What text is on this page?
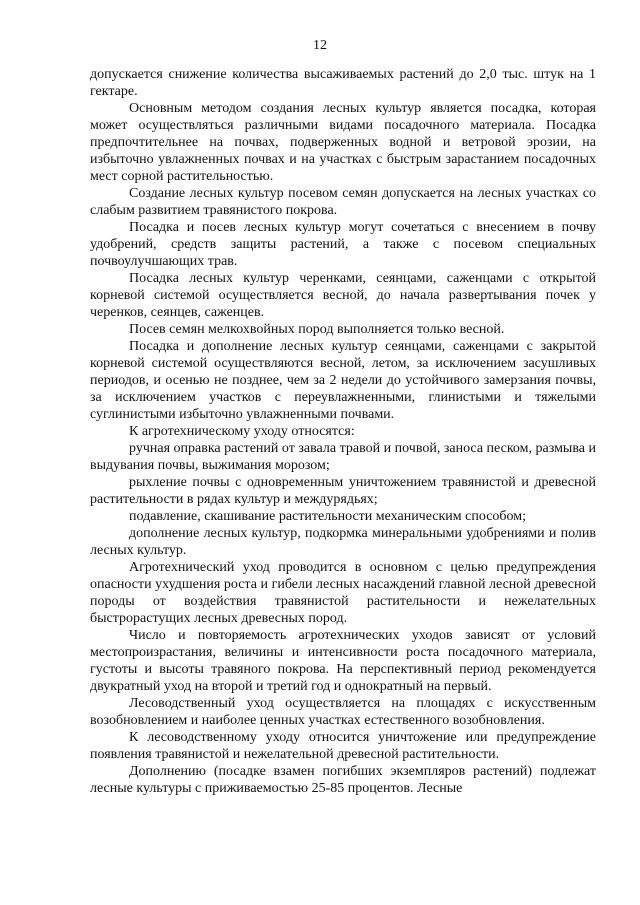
12

допускается снижение количества высаживаемых растений до 2,0 тыс. штук на 1 гектаре.

Основным методом создания лесных культур является посадка, которая может осуществляться различными видами посадочного материала. Посадка предпочтительнее на почвах, подверженных водной и ветровой эрозии, на избыточно увлажненных почвах и на участках с быстрым зарастанием посадочных мест сорной растительностью.

Создание лесных культур посевом семян допускается на лесных участках со слабым развитием травянистого покрова.

Посадка и посев лесных культур могут сочетаться с внесением в почву удобрений, средств защиты растений, а также с посевом специальных почвоулучшающих трав.

Посадка лесных культур черенками, сеянцами, саженцами с открытой корневой системой осуществляется весной, до начала развертывания почек у черенков, сеянцев, саженцев.

Посев семян мелкохвойных пород выполняется только весной.

Посадка и дополнение лесных культур сеянцами, саженцами с закрытой корневой системой осуществляются весной, летом, за исключением засушливых периодов, и осенью не позднее, чем за 2 недели до устойчивого замерзания почвы, за исключением участков с переувлажненными, глинистыми и тяжелыми суглинистыми избыточно увлажненными почвами.

К агротехническому уходу относятся:

ручная оправка растений от завала травой и почвой, заноса песком, размыва и выдувания почвы, выжимания морозом;

рыхление почвы с одновременным уничтожением травянистой и древесной растительности в рядах культур и междурядьях;

подавление, скашивание растительности механическим способом;

дополнение лесных культур, подкормка минеральными удобрениями и полив лесных культур.

Агротехнический уход проводится в основном с целью предупреждения опасности ухудшения роста и гибели лесных насаждений главной лесной древесной породы от воздействия травянистой растительности и нежелательных быстрорастущих лесных древесных пород.

Число и повторяемость агротехнических уходов зависят от условий местопроизрастания, величины и интенсивности роста посадочного материала, густоты и высоты травяного покрова. На перспективный период рекомендуется двукратный уход на второй и третий год и однократный на первый.

Лесоводственный уход осуществляется на площадях с искусственным возобновлением и наиболее ценных участках естественного возобновления.

К лесоводственному уходу относится уничтожение или предупреждение появления травянистой и нежелательной древесной растительности.

Дополнению (посадке взамен погибших экземпляров растений) подлежат лесные культуры с приживаемостью 25-85 процентов. Лесные
